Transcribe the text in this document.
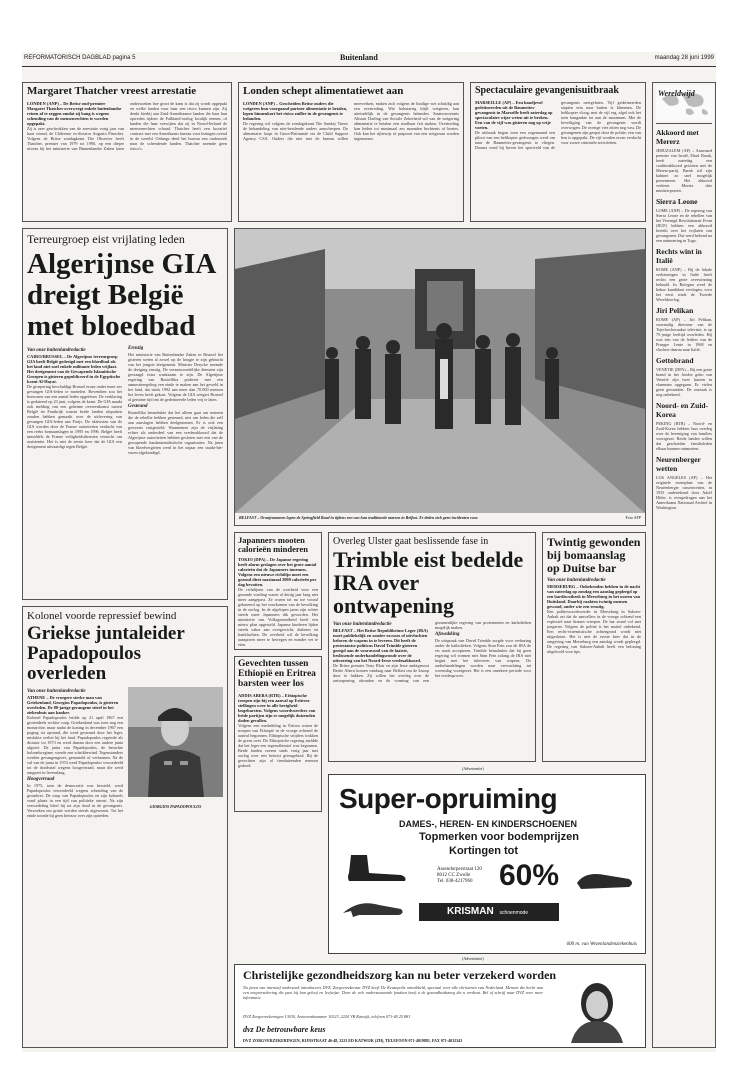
REFORMATORISCH DAGBLAD pagina 5	Buitenland	maandag 28 juni 1999
Margaret Thatcher vreest arrestatie
LONDEN (ANP) – De Britse oud-premier Margaret Thatcher overweegt enkele buitenlandse reizen af te zeggen omdat zij bang is wegens schending van de mensenrechten te worden opgepakt.
Zij is zeer geschrokken van de arrestatie vorig jaar van haar vriend, de Chileense ex-dictator Augusto Pinochet. Volgens de Britse zondagkrant The Observer heeft Thatcher, premier van 1979 tot 1990, op een dieper niveau bij het ministerie van Binnenlandse Zaken laten onderzoeken hoe groot de kans is dat zij wordt opgepakt en welke landen voor haar een risico kunnen zijn. Zij denkt hierbij aan Zuid-Amerikaanse landen die haar hun optreden tijdens de Falkland-oorlog kwalijk nemen, of landen die haar verwijten dat zij in Noord-Ierland de mensenrechten schond. Thatcher heeft een lucratief contract met een Amerikaans bureau voor lezingen overal in de wereld. Onlangs deed het bureau een onderzoek naar de schendende landen. Thatcher noemde geen risico's.
Londen schept alimentatiewet aan
LONDEN (ANP) – Gescheiden Britse ouders die weigeren hun voorgaand partner alimentatie te betalen, lopen binnenkort het risico zuiller in de gevangenis te belanden.
De regering wil volgens de zondagskrant The Sunday Times de behandeling van niet-betalende ouders aanscherpen. De alimentatie loopt in Groot-Brittannië via de Child Support Agency CSA. Ouders die niet met de bureau willen meewerken, maken zich volgens de huidige wet schuldig aan een overtreding. Wie halsstarrig blijft weigeren, kan uiteindelijk in de gevangenis belanden. Staatssecretaris Alistair Darling van Sociale Zekerheid wil van de weigering alimentatie te betalen een strafbaar feit maken. Overtreding kan leiden tot maximaal zes maanden hechtenis of boetes. Ook kan het rijbewijs of paspoort van een weigeraar worden ingenomen.
Spectaculaire gevangenisuitbraak
MARSEILLE (AP) – Een handjevol gedetineerden uit de Baumettes-gevangenis in Marseille heeft zaterdag op spectaculaire wijze weten uit te breken. Een van de vijf was gisteren nog op vrije voeten.
De uitbraak begon toen een zogenaamd een piloot van een helikopter gedwongen werd om naar de Baumettes-gevangenis te vliegen. Daarna werd hij boven het sportveld van de gevangenis neergelaten. Vijf gedetineerden stapten erin naar buiten te klimmen. De helikopter vloog, met de vijf erg, afgel ook het toen bangaakte tot aan de maximum. Met de beveiliging van de gevangenis wordt overwogen. De overige vier zitten nog vast. De gevangenen zijn gespot door de politie, een van hen is opgepakt. De vijf worden ervan verdacht voor zware criminele activiteiten.
Wereldwijd
Akkoord met Mererz
JERUZALEM (AP) – Aanvaard premier van Israël, Ehud Barak, heeft zaterdag een coalitieakkoord gesloten met de Meretz-partij. Barak wil zijn kabinet zo snel mogelijk presenteren. Het akkoord verleent Meretz drie ministerposten.
Sierra Leone
LOME (ANP) – De regering van Sierra Leone en de rebellen van het Verenigd Revolutionair Front (RUF) hebben een akkoord bereikt over het vrijlaten van gevangenen. Dat werd bekend na een ontmoeting in Togo.
Rechts wint in Italië
ROME (ANP) – Bij de lokale verkiezingen in Italië heeft rechts een grote overwinning behaald. In Bologna werd de linkse kandidaat verslagen, voor het eerst sinds de Tweede Wereldoorlog.
Jiri Pelikan
ROME (AP) – Jiri Pelikan, voormalig directeur van de Tsjechoslowaakse televisie, is op 75-jarige leeftijd overleden. Hij was een van de leiders van de Praagse Lente in 1968 en vluchtte daarna naar Italië.
Gettobrand
VENETIE (DPA) – Bij een grote brand in het Joodse getto van Venetië zijn twee huizen in vlammen opgegaan. Er vielen geen gewonden. De oorzaak is nog onbekend.
Noord- en Zuid-Korea
PEKING (RTR) – Noord- en Zuid-Korea hebben hun overleg over de hereniging van families voortgezet. Beide landen willen dat gescheiden familieleden elkaar kunnen ontmoeten.
Neurenberger wetten
LOS ANGELES (AP) – Het originele exemplaar van de Neurenberger rassenwetten, in 1935 ondertekend door Adolf Hitler, is overgedragen aan het Amerikaans Nationaal Archief in Washington.
Terreurgroep eist vrijlating leden
Algerijnse GIA dreigt België met bloedbad
Van onze buitenlandredactie
CAIRO/BRUSSEL – De Algerijnse terreurgroep GIA heeft België gedreigd met een bloedbad als het land niet snel enkele militante leden vrijlaat. Het dreigement van de Gewapende Islamitische Groepen is gisteren gepubliceerd in de Egyptische krant Al-Hayat.
De groepering beschuldigt Brussel ervan onder meer zes gevangen GIA-leden te martelen. Bovendien zou het bezwaren van een aantal leden opgeëisen. De verklaring is gedateerd op 23 juni, volgens de krant. De GIA maakt ook melding van een geheime overeenkomst tussen België en Frankrijk waarin beide landen afspraken zouden hebben gemaakt over de uitlevering van gevangen GIA-leden aan Parijs. De aktivisten van de GIA worden door de Franse autoriteiten verdacht van een reeks bomaanslagen in 1995 en 1996. België heeft inmiddels de Franse veiligheidsdiensten verzocht om assistentie. Het is niet de eerste keer dat de GIA een dreigement uitvaardigt tegen België.
Ernstig
Het ministerie van Buitenlandse Zaken in Brussel liet gisteren weten al zowel op de hoogte te zijn gebracht van het jongste dreigement. Minister Derycke noemde de dreiging ernstig. De verantwoordelijke diensten zijn gevraagd extra waakzaam te zijn. De Algerijnse regering van Bouteflika probeert met een amnestieregeling een einde te maken aan het geweld in het land, dat sinds 1992 aan meer dan 70.000 mensen het leven heeft gekost. Volgens de GIA weigert Brussel al geruime tijd om de gedetineerde leden vrij te laten.
Gesteund
Bouteflika benadrukte dat het alleen gaat om mensen die de rebellie hebben gesteund, niet om leden die zelf aan aanslagen hebben deelgenomen. Er is ook een gewezen vastgesteld. Waarnemen zijn de vrijlating echter als onderdeel van een vredesakkoord dat de Algerijnse autoriteiten hebben gesloten met een van de gewapende fundamentalistische organisaties. Na jaren van bloedvergieten werd in het najaar een staakt-het-vuren afgekondigd.
BELFAST – Oranjemannen lopen de Springfield Road in tijdens een van hun traditionele marsen in Belfast. Er deden zich geen incidenten voor.	Foto AFP
Japanners mooten calorieën minderen
TOKIO (DPA) – De Japanse regering heeft alarm geslagen over het grote aantal calorieën dat de Japanners innemen. Volgens een nieuwe richtlijn moet een gezond dieet maximaal 2000 calorieën per dag bevatten.
De richtlijnen van de overheid voor een gezonde voeding waren al dertig jaar lang niet meer aangepast. Ze waren tot nu toe vooral gebaseerd op het voorkomen van de bevolking in de oorlog. In de afgelopen jaren zijn echter steeds meer Japanners dik geworden. Het ministerie van Volksgezondheid heeft een nieuw plan opgesteld. Japanse kinderen lijden steeds vaker aan overgewicht, diabetes en hartklachten. De overheid wil de bevolking aansporen meer te bewegen en minder vet te eten.
Overleg Ulster gaat beslissende fase in
Trimble eist bedelde IRA over ontwapening
Van onze buitenlandredactie
BELFAST – Het Britse Republikeinse Leger (IRA) moet publiekelijk en zonder excuses of uitvluchten beloven de wapens in te leveren. Dit heeft de protestantse politicus David Trimble gisteren gezegd aan de vooravond van de laatste, beslissende onderhandelingsronde over de uitvoering van het Noord-Ierse vredesakkoord.
De Britse premier Tony Blair en zijn Ierse ambtgenoot Bertie Ahern komen vandaag naar Belfast om de knoop door te hakken. Zij willen het overleg over de ontwapening afronden en de vorming van een gezamenlijke regering van protestanten en katholieken mogelijk maken.
Afzwakking
De uitspraak van David Trimble zorgde voor verbazing onder de katholieken. Volgens Sinn Fein zou de IRA de eis nooit accepteren. Trimble benadrukte dat hij geen regering wil vormen met Sinn Fein zolang de IRA niet begint met het inleveren van wapens. De onderhandelingen worden naar verwachting tot woensdag voortgezet. Het is een onzekere periode voor het vredesproces.
Twintig gewonden bij bomaanslag op Duitse bar
Van onze buitenlandredactie
MERSEBURG – Onbekenden hebben in de nacht van zaterdag op zondag een aanslag gepleegd op een bardiscotheek in Merseburg in het oosten van Duitsland. Daarbij raakten twintig mensen gewond, onder wie een ernstig.
Een politiewoordvoerder in Merseburg in Saksen-Anhalt zei dat de aanvallers in de vroege ochtend een explosief naar binnen wierpen. De bar stond vol met jongeren. Volgens de politie is het motief onbekend. Een recht-extremistische achtergrond wordt niet uitgesloten. Het is niet de eerste keer dat in de omgeving van Merseburg een aanslag wordt gepleegd. De regering van Saksen-Anhalt heeft een beloning uitgeloofd voor tips.
Kolonel voorde repressief bewind
Griekse juntaleider Papadopoulos overleden
Van onze buitenlandredactie
ATHENE – De vroegere sterke man van Griekenland, Georgios Papadopoulos, is gisteren overleden. De 80-jarige gevangene stierf in het ziekenhuis aan kanker.
Kolonel Papadopoulos leidde op 21 april 1967 een grotendeels rechtse coup. Griekenland was toen nog een monarchie, maar nadat de koning in december 1967 een poging tot opstand, die werd gesteund door het leger, mislukte verliet hij het land. Papadopoulos regeerde als dictator tot 1973 en werd daarna door een andere junta afgezet. De junta van Papadopoulos, de beruchte kolonelsregime, voerde een schrikbewind. Tegenstanders werden gevangengezet, gemarteld of verbannen. Na de val van de junta in 1974 werd Papadopoulos veroordeeld tot de doodstraf wegens hoogverraad, maar die werd omgezet in levenslang.
Hoogverraad
In 1975, toen de democratie was hersteld, werd Papadopoulos veroordeeld wegens schending van de grondwet. De coup van Papadopoulos en zijn kolonels vond plaats in een tijd van politieke onrust. Na zijn veroordeling bleef hij tot zijn dood in de gevangenis. Verzoeken om gratie werden steeds afgewezen. Tot het einde toonde hij geen berouw over zijn optreden.
GIORGIOS PAPADOPOULOS
Gevechten tussen Ethiopië en Eritrea barsten weer los
ADDIS ABEBA (RTR) – Ethiopische troepen zijn bij een aanval op Eritrese stellingen weer in alle hevigheid losgebarsten. Volgens woordvoerders van beide partijen zijn er mogelijk duizenden doden gevallen.
Volgens een mededeling in Eritrea waren de troepen van Ethiopië in de vroege ochtend de aanval begonnen. Ethiopische strijders trokken de grens over. De Ethiopische regering meldde dat het leger een tegenoffensief was begonnen. Beide landen voeren sinds vorig jaar mei oorlog over een betwist grensgebied. Bij de gevechten zijn al tienduizenden mensen gedood.
(Advertentie)
Super-opruiming
DAMES-, HEREN- EN KINDERSCHOENEN
Topmerken voor bodemprijzen
Kortingen tot
Assendorperstraat 120
8012 CC Zwolle
Tel. 038-4217960 60%
KRISMAN schoenmode
600 m. van Wezenlandenziekenhuis
(Advertentie)
Christelijke gezondheidszorg kan nu beter verzekerd worden
Na jaren van intensief onderzoek introduceert DVZ, Zorgverzekeraar DVZ heeft De Keuzepolis ontwikkeld, speciaal voor alle christenen van Nederland. Mensen die hecht aan een zorgverzekering die past bij hun geloof en leefwijze. Door de vele ondersteunende fondsen heeft u de gezondheidszorg die u verdient. Bel of schrijf naar DVZ voor meer informatie.
DVZ Zorgverzekeringen 13030, Antwoordnummer 10323, 2220 VB Katwijk, telefoon 071-40 25 881
dvz De betrouwbare keus
DVZ ZORGVERZEKERINGEN, RIJNSTRAAT 46-48, 2223 ED KATWIJK (ZH), TELEFOON 071-4019881, FAX 071-4032343
